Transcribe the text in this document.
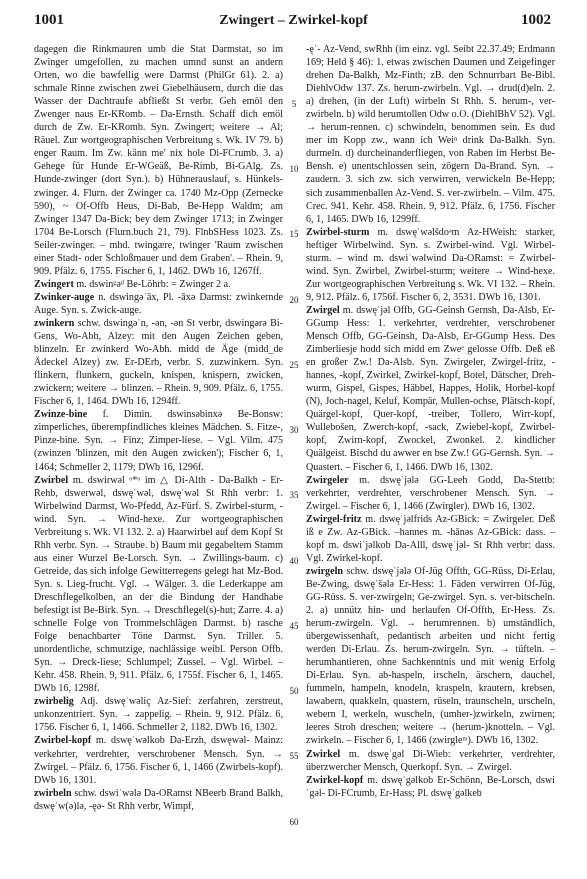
1001	Zwingert – Zwirkel-kopf	1002

dagegen die Rinkmauren umb die Stat Darmstat, so im Zwinger umgefollen, zu machen umnd sunst an andern Orten, wo die bawfellig were Darmst (PhilGr 61). 2. a) schmale Rinne zwischen zwei Giebelhäusern, durch die das Wasser der Dachtraufe abfließt St verbr. Geh emöl den Zwenger naus Er-KRomb. – Da-Ernsth. Schaff dich emöl durch de Zw. Er-KRomb. Syn. Zwingert; weitere → Al; Räuel. Zur wortgeographischen Verbreitung s. Wk. IV 79. b) enger Raum. Im Zw. känn me' nix hole Di-FCrumb. 3. a) Gehege für Hunde Er-WGeäß, Be-Rimb, Bi-GAlg. Zs. Hunde-zwinger (dort Syn.). b) Hühnerauslauf, s. Hünkels-zwinger. 4. Flurn. der Zwinger ca. 1740 Mz-Opp (Zernecke 590), ~ Of-Offb Heus, Di-Bab, Be-Hepp Waldm; am Zwinger 1347 Da-Bick; bey dem Zwinger 1713; in Zwinger 1704 Be-Lorsch (Flurn.buch 21, 79). FlnbSHess 1023. Zs. Seiler-zwinger. – mhd. twingære, twinger 'Raum zwischen einer Stadt- oder Schloßmauer und dem Graben'. – Rhein. 9, 909. Pfälz. 6, 1755. Fischer 6, 1, 1462. DWb 16, 1267ff.

Zwingert m. dswinᵍəᵈ Be-Löhrb: = Zwinger 2 a.

Zwinker-auge n. dswingəˈāx, Pl. -āxə Darmst: zwinkernde Auge. Syn. s. Zwick-auge.

zwinkern schw. dswingəˈn, -ən, -ən St verbr, dswingərə Bi-Gens, Wo-Abh, Alzey: mit den Augen Zeichen geben, blinzeln. Er zwinkerd Wo-Abh. midd de Äge (midd_de Ädeckel Alzey) zw. Er-DErb, verbr. S. zuzwinkern. Syn. flinkern, flunkern, guckeln, knispen, knispern, zwicken, zwickern; weitere → blinzen. – Rhein. 9, 909. Pfälz. 6, 1755. Fischer 6, 1, 1464. DWb 16, 1294ff.

Zwinze-bine f. Dimin. dswinsəbinxə Be-Bonsw: zimperliches, überempfindliches kleines Mädchen. S. Fitze-, Pinze-bine. Syn. → Finz; Zimper-liese. – Vgl. Vilm. 475 (zwinzen 'blinzen, mit den Augen zwicken'); Fischer 6, 1, 1464; Schmeller 2, 1179; DWb 16, 1296f.

Zwirbel m. dswirwəl ᵒ*ᵒ im △ Di-Alth - Da-Balkh - Er-Rehb, dswerwəl, dswęˈwəl, dswęˈwəl St Rhh verbr: 1. Wirbelwind Darmst, Wo-Pfedd, Az-Fürf. S. Zwirbel-sturm, -wind. Syn. → Wind-hexe. Zur wortgeographischen Verbreitung s. Wk. VI 132. 2. a) Haarwirbel auf dem Kopf St Rhh verbr. Syn. → Straube. b) Baum mit gegabeltem Stamm aus einer Wurzel Be-Lorsch. Syn. → Zwillings-baum. c) Getreide, das sich infolge Gewitterregens gelegt hat Mz-Bod. Syn. s. Lieg-frucht. Vgl. → Wälger. 3. die Lederkappe am Dreschflegelkolben, an der die Bindung der Handhabe befestigt ist Be-Birk. Syn. → Dreschflegel(s)-hut; Zarre. 4. a) schnelle Folge von Trommelschlägen Darmst. b) rasche Folge benachbarter Töne Darmst. Syn. Triller. 5. unordentliche, schmutzige, nachlässige weibl. Person Offb. Syn. → Dreck-liese; Schlumpel; Zussel. – Vgl. Wirbel. – Kehr. 458. Rhein. 9, 911. Pfälz. 6, 1755f. Fischer 6, 1, 1465. DWb 16, 1298f.

zwirbelig Adj. dswęˈwəliç Az-Sief: zerfahren, zerstreut, unkonzentriert. Syn. → zappelig. – Rhein. 9, 912. Pfälz. 6, 1756. Fischer 6, 1, 1466. Schmeller 2, 1182. DWb 16, 1302.

Zwirbel-kopf m. dswęˈwəlkob Da-Erzh, dswęwəl- Mainz: verkehrter, verdrehter, verschrobener Mensch. Syn. → Zwirgel. – Pfälz. 6, 1756. Fischer 6, 1, 1466 (Zwirbels-kopf). DWb 16, 1301.

zwirbeln schw. dswiˈwələ Da-ORamst NBeerb Brand Balkh, dswęˈw(ə)lə, -ęə- St Rhh verbr, Wimpf,

5
10
15
20
25
30
35
40
45
50
55
60

-ęˈ- Az-Vend, swRhh (im einz. vgl. Seibt 22.37.49; Erdmann 169; Held § 46): 1. etwas zwischen Daumen und Zeigefinger drehen Da-Balkh, Mz-Finth; zB. den Schnurrbart Be-Bibl. DiehlvOdw 137. Zs. herum-zwirbeln. Vgl. → drud(d)eln. 2. a) drehen, (in der Luft) wirbeln St Rhh. S. herum-, ver-zwirbeln. b) wild herumtollen Odw o.O. (DiehlBhV 52). Vgl. → herum-rennen. c) schwindeln, benommen sein. Es dud mer im Kopp zw., wann ich Weiⁿ drink Da-Balkh. Syn. durmeln. d) durcheinanderfliegen, von Raben im Herbst Be-Bensh. e) unentschlossen sein, zögern Da-Brand. Syn. → zaudern. 3. sich zw. sich verwirren, verwickeln Be-Hepp; sich zusammenballen Az-Vend. S. ver-zwirbeln. – Vilm. 475. Crec. 941. Kehr. 458. Rhein. 9, 912. Pfälz. 6, 1756. Fischer 6, 1, 1465. DWb 16, 1299ff.

Zwirbel-sturm m. dswęˈwəlšdoᵊm Az-HWeish: starker, heftiger Wirbelwind. Syn. s. Zwirbel-wind. Vgl. Wirbel-sturm. – wind m. dswiˈwəlwind Da-ORamst: = Zwirbel-wind. Syn. Zwirbel, Zwirbel-sturm; weitere → Wind-hexe. Zur wortgeographischen Verbreitung s. Wk. VI 132. – Rhein. 9, 912. Pfälz. 6, 1756f. Fischer 6, 2, 3531. DWb 16, 1301.

Zwirgel m. dswęˈjəl Offb, GG-Geinsh Gernsh, Da-Alsb, Er-GGump Hess: 1. verkehrter, verdrehter, verschrobener Mensch Offb, GG-Geinsh, Da-Alsb, Er-GGump Hess. Des Zimberliesje hodd sich midd em Zweᵉ gelosse Offb. Deß eß en großer Zw.! Da-Alsb. Syn. Zwirgeler, Zwirgel-fritz, -hannes, -kopf, Zwirkel, Zwirkel-kopf, Botel, Dätscher, Dreh-wurm, Gispel, Gispes, Häbbel, Happes, Holik, Horbel-kopf (N), Joch-nagel, Keluf, Kompär, Mullen-ochse, Plätsch-kopf, Quärgel-kopf, Quer-kopf, -treiber, Tollero, Wirr-kopf, Wullebošen, Zwerch-kopf, -sack, Zwiebel-kopf, Zwirbel-kopf, Zwirn-kopf, Zwockel, Zwonkel. 2. kindlicher Quälgeist. Bischd du awwer en bse Zw.! GG-Gernsh. Syn. → Quastert. – Fischer 6, 1, 1466. DWb 16, 1302.

Zwirgeler m. dswęˈjələ GG-Leeh Godd, Da-Stettb: verkehrter, verdrehter, verschrobener Mensch. Syn. → Zwirgel. – Fischer 6, 1, 1466 (Zwirgler). DWb 16, 1302.

Zwirgel-fritz m. dswęˈjəlfrids Az-GBick: = Zwirgeler. Deß iß e Zw. Az-GBick. –hannes m. -hānəs Az-GBick: dass. –kopf m. dswiˈjəlkob Da-Alll, dswęˈjəl- St Rhh verbr: dass. Vgl. Zwirkel-kopf.

zwirgeln schw. dswęˈjələ Of-Jüg Offth, GG-Rüss, Di-Erlau, Be-Zwing, dswęˈšələ Er-Hess: 1. Fäden verwirren Of-Jüg, GG-Rüss. S. ver-zwirgeln; Ge-zwirgel. Syn. s. ver-bitscheln. 2. a) unnütz hin- und herlaufen Of-Offth, Er-Hess. Zs. herum-zwirgeln. Vgl. → herumrennen. b) umständlich, übergewissenhaft, pedantisch arbeiten und nicht fertig werden Di-Erlau. Zs. herum-zwirgeln. Syn. → tüfteln. – herumhantieren, ohne Sachkenntnis und mit wenig Erfolg Di-Erlau. Syn. ab-haspeln, irscheln, ärschern, dauchel, fummeln, hampeln, knodeln, kraspeln, krautern, krebsen, lawabern, quakkeln, quastern, rüseln, traunscheln, urscheln, webern I, werkeln, wuscheln, (umher-)zwirkeln, zwirnen; leeres Stroh dreschen; weitere → (herum-)knotteln. – Vgl. zwirkeln. – Fischer 6, 1, 1466 (zwirgleᵐ). DWb 16, 1302.

Zwirkel m. dswęˈgəl Di-Wieb: verkehrter, verdrehter, überzwercher Mensch, Querkopf. Syn. → Zwirgel.

Zwirkel-kopf m. dswęˈgəlkob Er-Schönn, Be-Lorsch, dswiˈgəl- Di-FCrumb, Er-Hass; Pl. dswęˈgəlkeb
